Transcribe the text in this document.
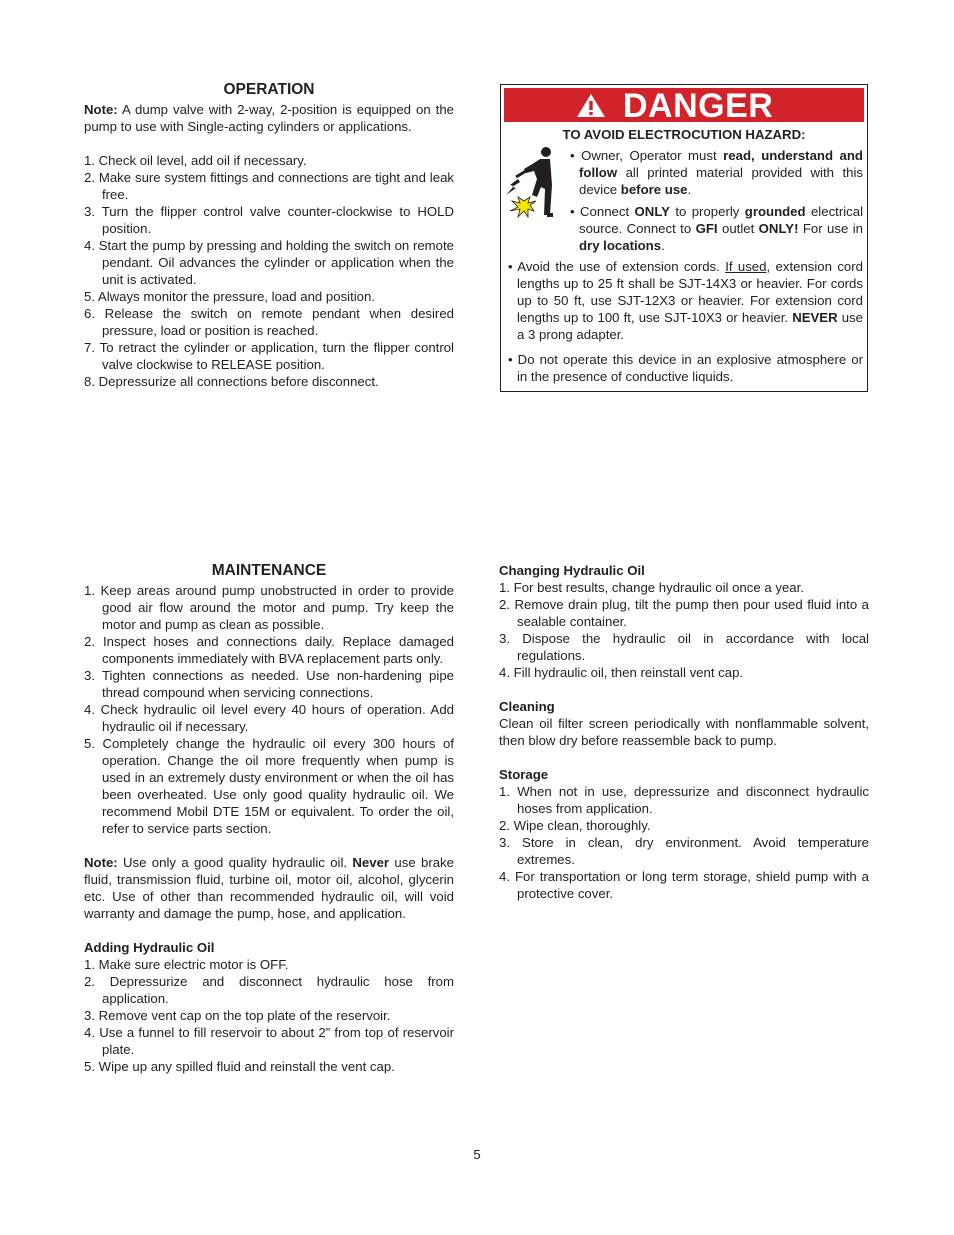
OPERATION

Note: A dump valve with 2-way, 2-position is equipped on the pump to use with Single-acting cylinders or applications.

1. Check oil level, add oil if necessary.
2. Make sure system fittings and connections are tight and leak free.
3. Turn the flipper control valve counter-clockwise to HOLD position.
4. Start the pump by pressing and holding the switch on remote pendant. Oil advances the cylinder or application when the unit is activated.
5. Always monitor the pressure, load and position.
6. Release the switch on remote pendant when desired pressure, load or position is reached.
7. To retract the cylinder or application, turn the flipper control valve clockwise to RELEASE position.
8. Depressurize all connections before disconnect.
DANGER
TO AVOID ELECTROCUTION HAZARD:

• Owner, Operator must read, understand and follow all printed material provided with this device before use.

• Connect ONLY to properly grounded electrical source. Connect to GFI outlet ONLY! For use in dry locations.

• Avoid the use of extension cords. If used, extension cord lengths up to 25 ft shall be SJT-14X3 or heavier. For cords up to 50 ft, use SJT-12X3 or heavier. For extension cord lengths up to 100 ft, use SJT-10X3 or heavier. NEVER use a 3 prong adapter.

• Do not operate this device in an explosive atmosphere or in the presence of conductive liquids.

MAINTENANCE
1. Keep areas around pump unobstructed in order to provide good air flow around the motor and pump. Try keep the motor and pump as clean as possible.
2. Inspect hoses and connections daily. Replace damaged components immediately with BVA replacement parts only.
3. Tighten connections as needed. Use non-hardening pipe thread compound when servicing connections.
4. Check hydraulic oil level every 40 hours of operation. Add hydraulic oil if necessary.
5. Completely change the hydraulic oil every 300 hours of operation. Change the oil more frequently when pump is used in an extremely dusty environment or when the oil has been overheated. Use only good quality hydraulic oil. We recommend Mobil DTE 15M or equivalent. To order the oil, refer to service parts section.

Note: Use only a good quality hydraulic oil. Never use brake fluid, transmission fluid, turbine oil, motor oil, alcohol, glycerin etc. Use of other than recommended hydraulic oil, will void warranty and damage the pump, hose, and application.

Adding Hydraulic Oil
1. Make sure electric motor is OFF.
2. Depressurize and disconnect hydraulic hose from application.
3. Remove vent cap on the top plate of the reservoir.
4. Use a funnel to fill reservoir to about 2” from top of reservoir plate.
5. Wipe up any spilled fluid and reinstall the vent cap.
Changing Hydraulic Oil
1. For best results, change hydraulic oil once a year.
2. Remove drain plug, tilt the pump then pour used fluid into a sealable container.
3. Dispose the hydraulic oil in accordance with local regulations.
4. Fill hydraulic oil, then reinstall vent cap.
Cleaning

Clean oil filter screen periodically with nonflammable solvent, then blow dry before reassemble back to pump.

Storage
1. When not in use, depressurize and disconnect hydraulic hoses from application.
2. Wipe clean, thoroughly.
3. Store in clean, dry environment. Avoid temperature extremes.
4. For transportation or long term storage, shield pump with a protective cover.
5
